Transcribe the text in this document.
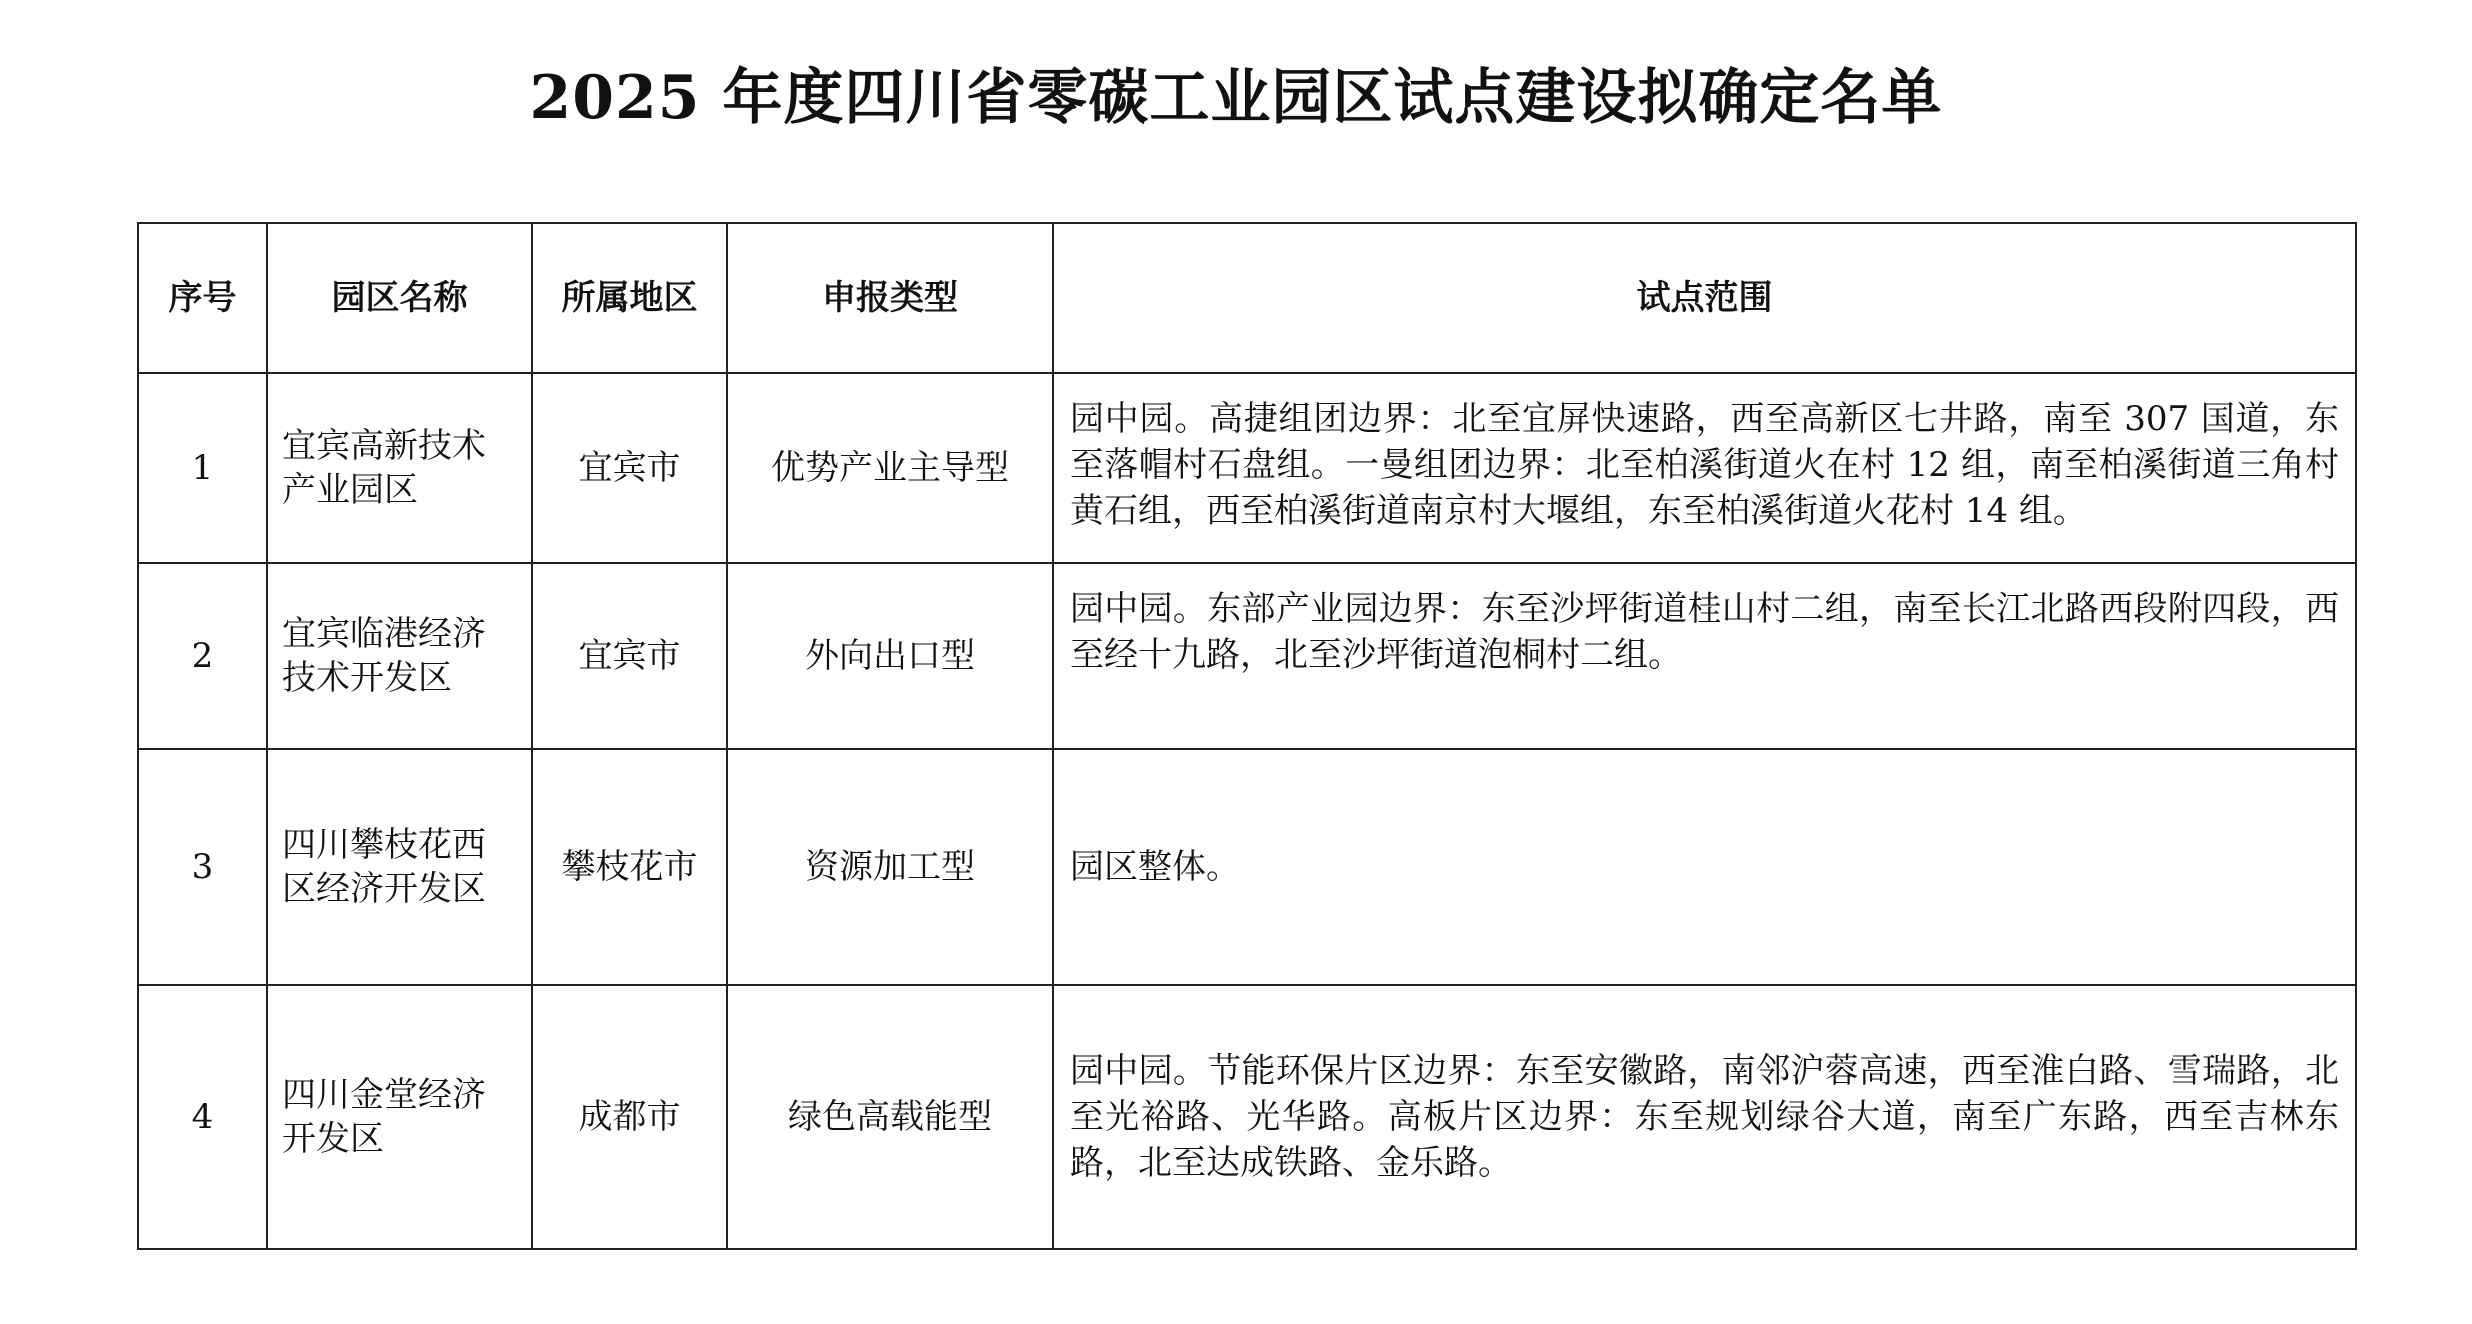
2025 年度四川省零碳工业园区试点建设拟确定名单
序号	园区名称	所属地区	申报类型	试点范围
1	宜宾高新技术产业园区	宜宾市	优势产业主导型	园中园。高捷组团边界：北至宜屏快速路，西至高新区七井路，南至 307 国道，东至落帽村石盘组。一曼组团边界：北至柏溪街道火在村 12 组，南至柏溪街道三角村黄石组，西至柏溪街道南京村大堰组，东至柏溪街道火花村 14 组。
2	宜宾临港经济技术开发区	宜宾市	外向出口型	园中园。东部产业园边界：东至沙坪街道桂山村二组，南至长江北路西段附四段，西至经十九路，北至沙坪街道泡桐村二组。
3	四川攀枝花西区经济开发区	攀枝花市	资源加工型	园区整体。
4	四川金堂经济开发区	成都市	绿色高载能型	园中园。节能环保片区边界：东至安徽路，南邻沪蓉高速，西至淮白路、雪瑞路，北至光裕路、光华路。高板片区边界：东至规划绿谷大道，南至广东路，西至吉林东路，北至达成铁路、金乐路。
